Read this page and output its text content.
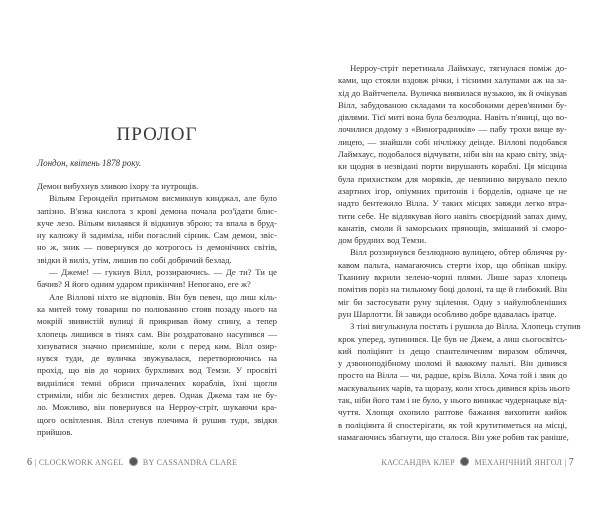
ПРОЛОГ
Лондон, квітень 1878 року.
Демон вибухнув зливою іхору та нутрощів.
Вільям Герондейл притьмом висмикнув кинджал, але було
запізно. В'язка кислота з крові демона почала роз'їдати блис-
куче лезо. Вільям вилаявся й відкинув зброю; та впала в бруд-
ну калюжу й задиміла, ніби погаслий сірник. Сам демон, звіс-
но ж, зник — повернувся до котрогось із демонічних світів,
звідки й виліз, утім, лишив по собі добрячий безлад.
— Джеме! — гукнув Вілл, роззираючись. — Де ти? Ти це
бачив? Я його одним ударом прикінчив! Непогано, еге ж?
Але Віллові ніхто не відповів. Він був певен, що лиш кіль-
ка митей тому товариш по полюванню стояв позаду нього на
мокрій звивистій вулиці й прикривав йому спину, а тепер
хлопець лишився в тінях сам. Він роздратовано насупився —
хизуватися значно приємніше, коли є перед ким. Вілл озир-
нувся туди, де вуличка звужувалася, перетворюючись на
прохід, що вів до чорних бурхливих вод Темзи. У просвіті
видніли́ся темні обриси причалених кораблів, їхні щогли
стриміли, ніби ліс безлистих дерев. Однак Джема там не бу-
ло. Можливо, він повернувся на Нерроу-стріт, шукаючи кра-
щого освітлення. Вілл стенув плечима й рушив туди, звідки
прийшов.
6 | CLOCKWORK ANGEL BY CASSANDRA CLARE
Нерроу-стріт перетинала Лаймхаус, тягнулася поміж до-
ками, що стояли вздовж річки, і тісними халупами аж на за-
хід до Вайтчепела. Вуличка виявилася вузькою, як й очікував
Вілл, забудованою складами та кособокими дерев'яними бу-
дівлями. Тієї миті вона була безлюдна. Навіть п'яниці, що во-
лочилися додому з «Виноградників» — пабу трохи вище ву-
лицею, — знайшли собі нічліжку деінде. Віллові подобався
Лаймхаус, подобалося відчувати, ніби він на краю світу, звід-
ки щодня в незвідані порти вирушають кораблі. Ця місцина
була прихистком для моряків, де невпинно вирувало пекло
азартних ігор, опіумних притонів і борделів, одначе це не
надто бентежило Вілла. У таких місцях завжди легко втра-
тити себе. Не відлякував його навіть своєрідний запах диму,
канатів, смоли й заморських прянощів, змішаний зі сморо-
дом брудних вод Темзи.
Вілл роззирнувся безлюдною вулицею, обтер обличчя ру-
кавом пальта, намагаючись стерти іхор, що обпікав шкіру.
Тканину вкрили зелено-чорні плями. Лише зараз хлопець
помітив поріз на тильному боці долоні, та ще й глибокий. Він
міг би застосувати руну зцілення. Одну з найулюбленіших
рун Шарлотти. Їй завжди особливо добре вдавалась іратце.
З тіні вигулькнула постать і рушила до Вілла. Хлопець ступив
крок уперед, зупинився. Це був не Джем, а лиш сьогосвітсь-
кий поліціянт із дещо спантеличеним виразом обличчя,
у дзвоноподібному шоломі й важкому пальті. Він дивився
просто на Вілла — чи, радше, крізь Вілла. Хоча той і звик до
маскувальних чарів, та щоразу, коли хтось дивився крізь нього
так, ніби його там і не було, у нього виникає чудернацьке від-
чуття. Хлопця охопило раптове бажання вихопити кийок
в поліціянта й спостерігати, як той крутитиметься на місці,
намагаючись збагнути, що сталося. Він уже робив так раніше,
КАССАНДРА КЛЕР МЕХАНІЧНИЙ ЯНГОЛ | 7
